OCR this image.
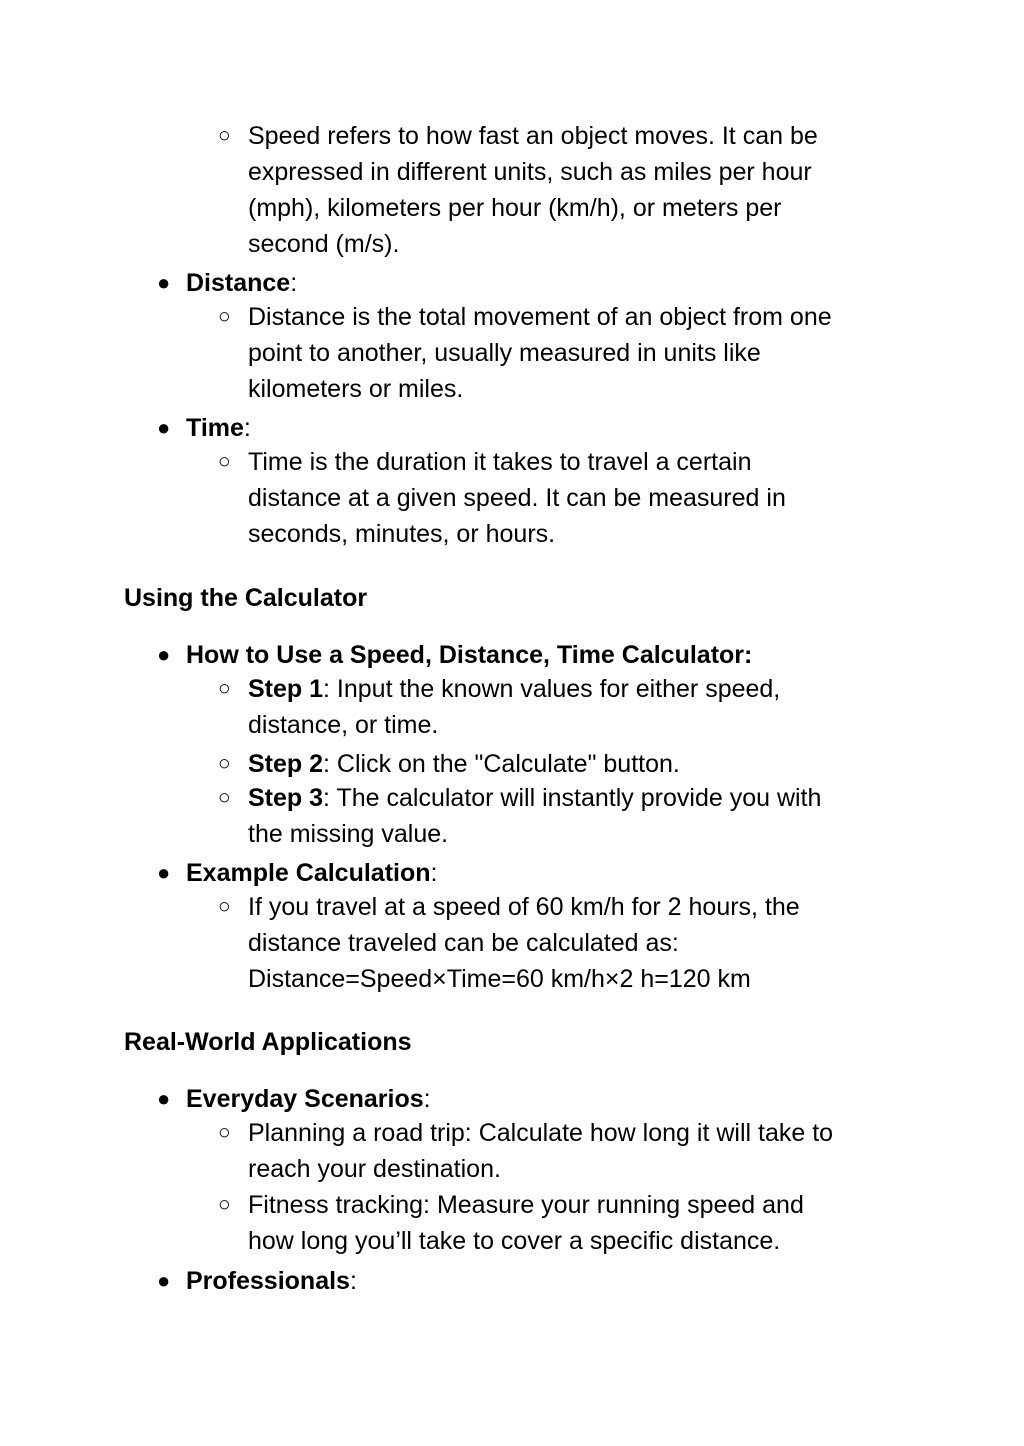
○ Speed refers to how fast an object moves. It can be
expressed in different units, such as miles per hour
(mph), kilometers per hour (km/h), or meters per
second (m/s).
● Distance:
○ Distance is the total movement of an object from one
point to another, usually measured in units like
kilometers or miles.
● Time:
○ Time is the duration it takes to travel a certain
distance at a given speed. It can be measured in
seconds, minutes, or hours.
Using the Calculator
● How to Use a Speed, Distance, Time Calculator:
○ Step 1: Input the known values for either speed,
distance, or time.
○ Step 2: Click on the "Calculate" button.
○ Step 3: The calculator will instantly provide you with
the missing value.
● Example Calculation:
○ If you travel at a speed of 60 km/h for 2 hours, the
distance traveled can be calculated as:
Distance=Speed×Time=60 km/h×2 h=120 km
Real-World Applications
● Everyday Scenarios:
○ Planning a road trip: Calculate how long it will take to
reach your destination.
○ Fitness tracking: Measure your running speed and
how long you’ll take to cover a specific distance.
● Professionals:
